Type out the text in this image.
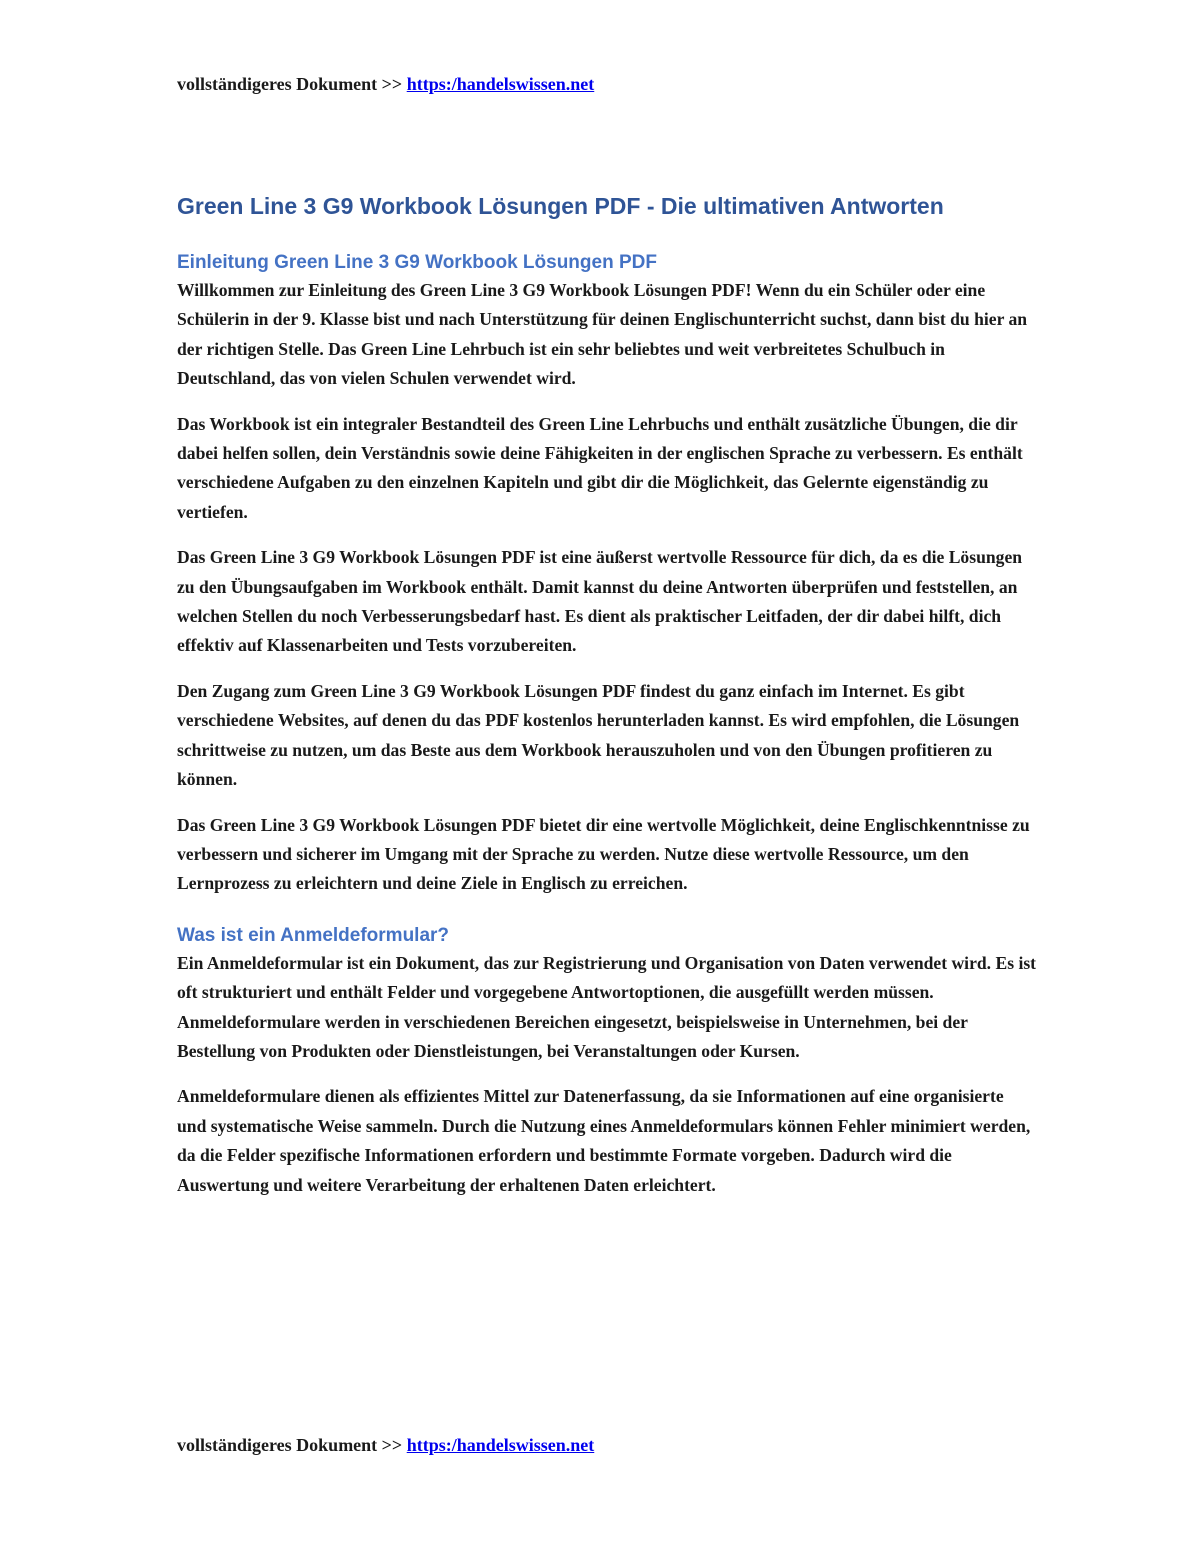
vollständigeres Dokument >> https:/handelswissen.net
Green Line 3 G9 Workbook Lösungen PDF - Die ultimativen Antworten
Einleitung Green Line 3 G9 Workbook Lösungen PDF

Willkommen zur Einleitung des Green Line 3 G9 Workbook Lösungen PDF! Wenn du ein Schüler oder eine Schülerin in der 9. Klasse bist und nach Unterstützung für deinen Englischunterricht suchst, dann bist du hier an der richtigen Stelle. Das Green Line Lehrbuch ist ein sehr beliebtes und weit verbreitetes Schulbuch in Deutschland, das von vielen Schulen verwendet wird.

Das Workbook ist ein integraler Bestandteil des Green Line Lehrbuchs und enthält zusätzliche Übungen, die dir dabei helfen sollen, dein Verständnis sowie deine Fähigkeiten in der englischen Sprache zu verbessern. Es enthält verschiedene Aufgaben zu den einzelnen Kapiteln und gibt dir die Möglichkeit, das Gelernte eigenständig zu vertiefen.

Das Green Line 3 G9 Workbook Lösungen PDF ist eine äußerst wertvolle Ressource für dich, da es die Lösungen zu den Übungsaufgaben im Workbook enthält. Damit kannst du deine Antworten überprüfen und feststellen, an welchen Stellen du noch Verbesserungsbedarf hast. Es dient als praktischer Leitfaden, der dir dabei hilft, dich effektiv auf Klassenarbeiten und Tests vorzubereiten.

Den Zugang zum Green Line 3 G9 Workbook Lösungen PDF findest du ganz einfach im Internet. Es gibt verschiedene Websites, auf denen du das PDF kostenlos herunterladen kannst. Es wird empfohlen, die Lösungen schrittweise zu nutzen, um das Beste aus dem Workbook herauszuholen und von den Übungen profitieren zu können.

Das Green Line 3 G9 Workbook Lösungen PDF bietet dir eine wertvolle Möglichkeit, deine Englischkenntnisse zu verbessern und sicherer im Umgang mit der Sprache zu werden. Nutze diese wertvolle Ressource, um den Lernprozess zu erleichtern und deine Ziele in Englisch zu erreichen.

Was ist ein Anmeldeformular?

Ein Anmeldeformular ist ein Dokument, das zur Registrierung und Organisation von Daten verwendet wird. Es ist oft strukturiert und enthält Felder und vorgegebene Antwortoptionen, die ausgefüllt werden müssen. Anmeldeformulare werden in verschiedenen Bereichen eingesetzt, beispielsweise in Unternehmen, bei der Bestellung von Produkten oder Dienstleistungen, bei Veranstaltungen oder Kursen.

Anmeldeformulare dienen als effizientes Mittel zur Datenerfassung, da sie Informationen auf eine organisierte und systematische Weise sammeln. Durch die Nutzung eines Anmeldeformulars können Fehler minimiert werden, da die Felder spezifische Informationen erfordern und bestimmte Formate vorgeben. Dadurch wird die Auswertung und weitere Verarbeitung der erhaltenen Daten erleichtert.

vollständigeres Dokument >> https:/handelswissen.net
